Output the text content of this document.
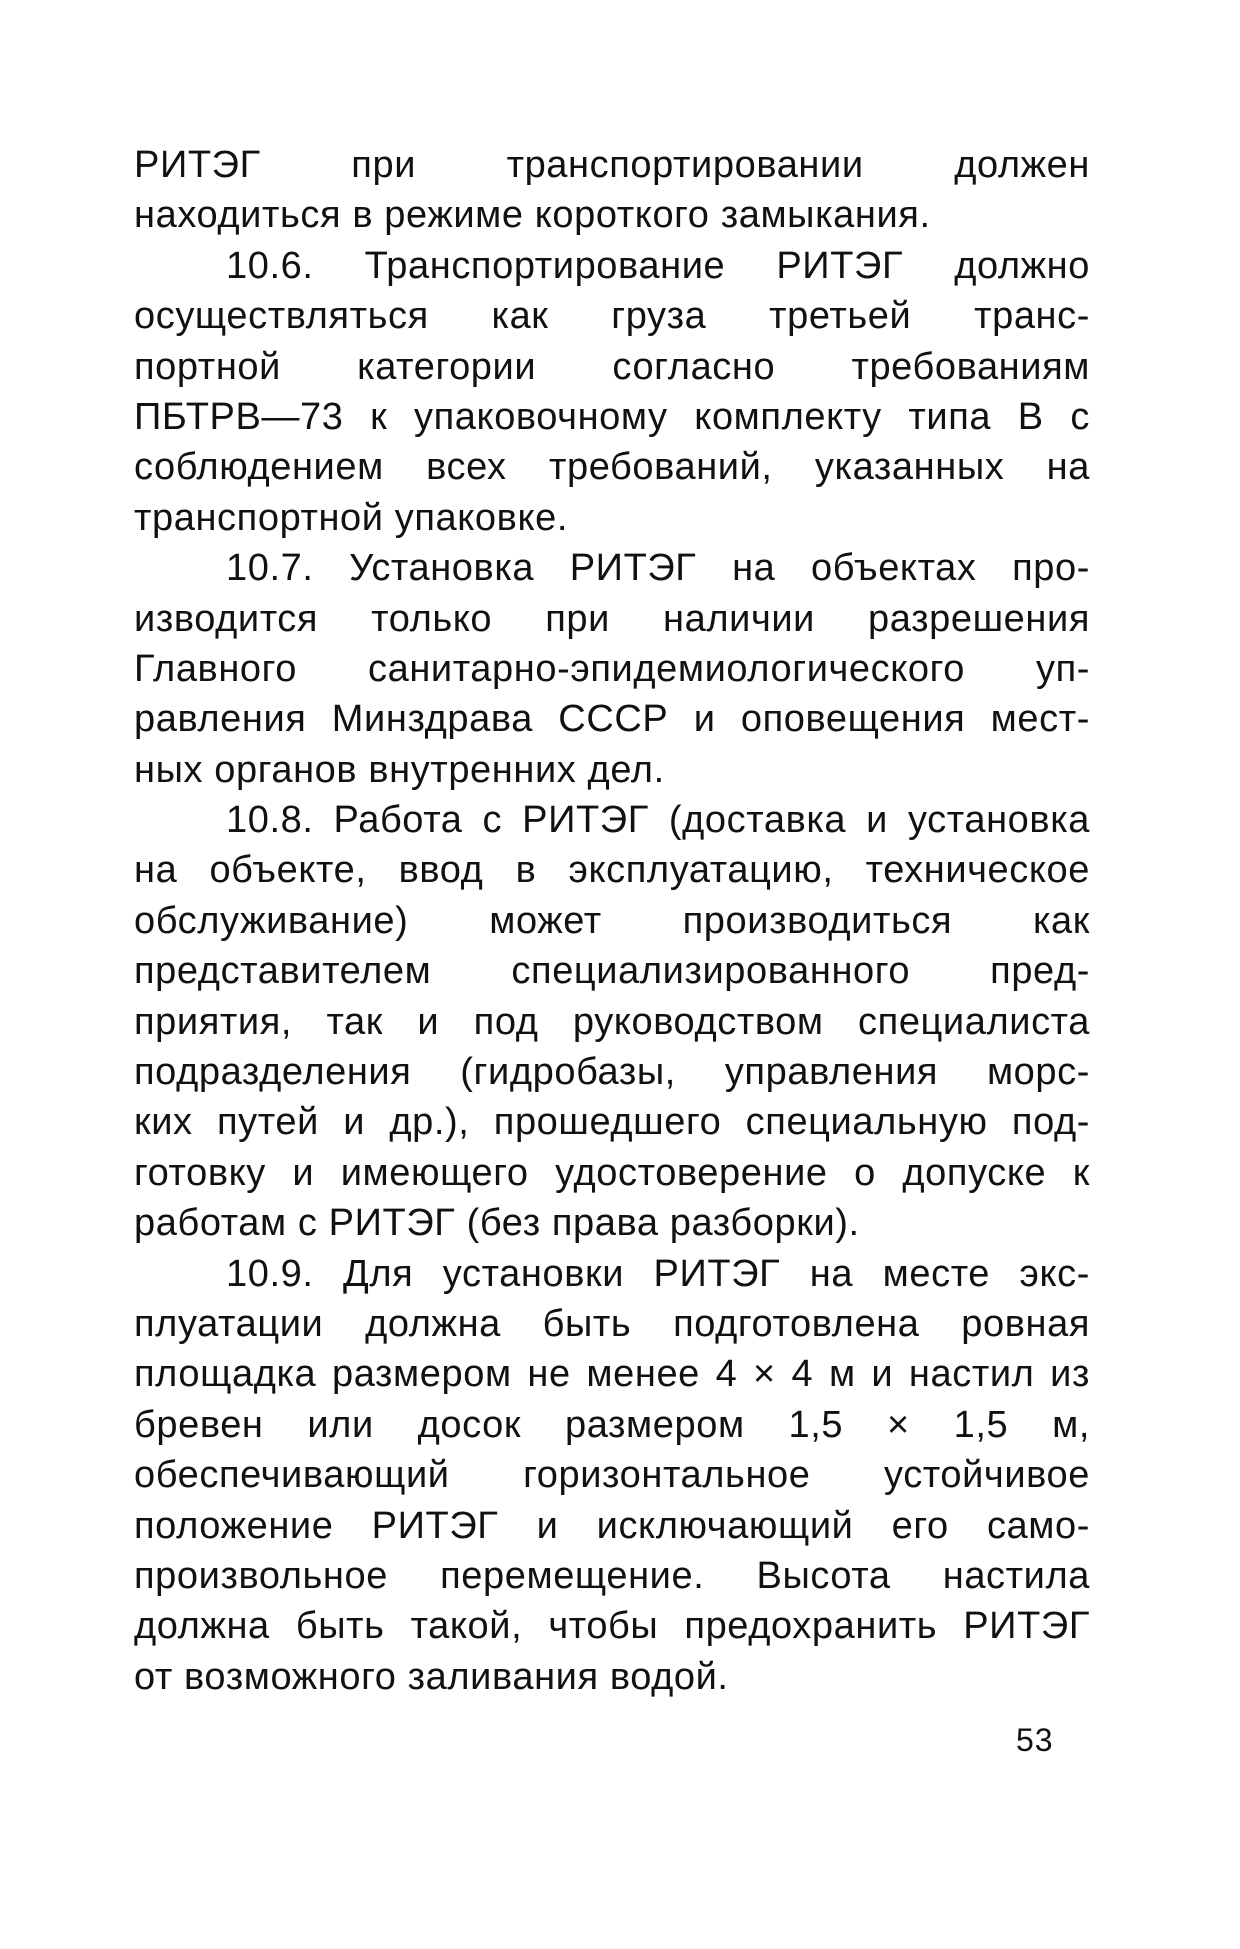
РИТЭГ при транспортировании должен
находиться в режиме короткого замыкания.
10.6. Транспортирование РИТЭГ должно
осуществляться как груза третьей транс-
портной категории согласно требованиям
ПБТРВ—73 к упаковочному комплекту типа В с
соблюдением всех требований, указанных на
транспортной упаковке.
10.7. Установка РИТЭГ на объектах про-
изводится только при наличии разрешения
Главного санитарно-эпидемиологического уп-
равления Минздрава СССР и оповещения мест-
ных органов внутренних дел.
10.8. Работа с РИТЭГ (доставка и установка
на объекте, ввод в эксплуатацию, техническое
обслуживание) может производиться как
представителем специализированного пред-
приятия, так и под руководством специалиста
подразделения (гидробазы, управления морс-
ких путей и др.), прошедшего специальную под-
готовку и имеющего удостоверение о допуске к
работам с РИТЭГ (без права разборки).
10.9. Для установки РИТЭГ на месте экс-
плуатации должна быть подготовлена ровная
площадка размером не менее 4 × 4 м и настил из
бревен или досок размером 1,5 × 1,5 м,
обеспечивающий горизонтальное устойчивое
положение РИТЭГ и исключающий его само-
произвольное перемещение. Высота настила
должна быть такой, чтобы предохранить РИТЭГ
от возможного заливания водой.
53
